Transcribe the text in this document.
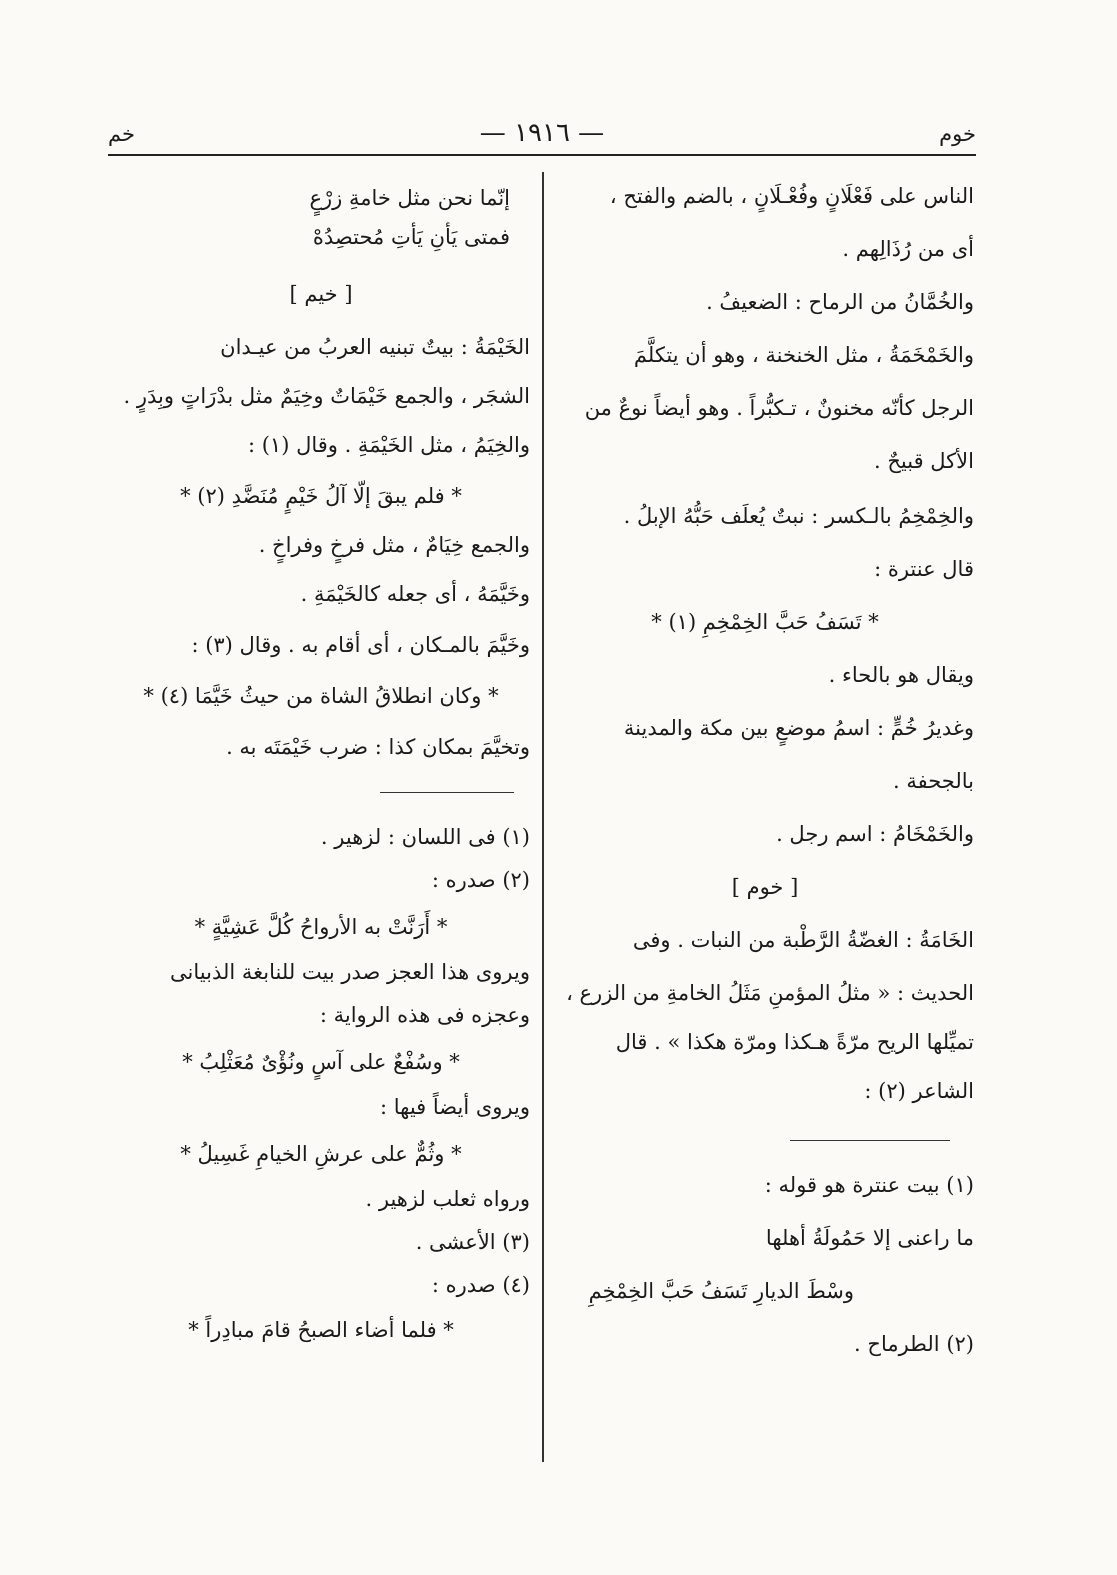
خوم
— ١٩١٦ —
خم
الناس على فَعْلَانٍ وفُعْـلَانٍ ، بالضم والفتح ،
أى من رُذَالِهم .
والخُمَّانُ من الرماح : الضعيفُ .
والخَمْخَمَةُ ، مثل الخنخنة ، وهو أن يتكلَّمَ
الرجل كأنّه مخنونٌ ، تـكبُّراً . وهو أيضاً نوعٌ من
الأكل قبيحٌ .
والخِمْخِمُ بالـكسر : نبتٌ يُعلَف حَبُّهُ الإبلُ .
قال عنترة :
* تَسَفُ حَبَّ الخِمْخِمِ (١) *
ويقال هو بالحاء .
وغديرُ خُمٍّ : اسمُ موضعٍ بين مكة والمدينة
بالجحفة .
والخَمْخَامُ : اسم رجل .
[ خوم ]
الخَامَةُ : الغضّةُ الرَّطْبة من النبات . وفى
الحديث : « مثلُ المؤمنِ مَثَلُ الخامةِ من الزرع ،
تميِّلها الريح مرّةً هـكذا ومرّة هكذا » . قال
الشاعر (٢) :
(١) بيت عنترة هو قوله :
ما راعنى إلا حَمُولَةُ أهلها
وسْطَ الديارِ تَسَفُ حَبَّ الخِمْخِمِ
(٢) الطرماح .
إنّما نحن مثل خامةِ زرْعٍ
فمتى يَأنِ يَأتِ مُحتصِدُهْ
[ خيم ]
الخَيْمَةُ : بيتٌ تبنيه العربُ من عيـدان
الشجَر ، والجمع خَيْمَاتٌ وخِيَمٌ مثل بدْرَاتٍ وبِدَرٍ .
والخِيَمُ ، مثل الخَيْمَةِ . وقال (١) :
* فلم يبقَ إلّا آلُ خَيْمٍ مُنَضَّدِ (٢) *
والجمع خِيَامٌ ، مثل فرخٍ وفراخٍ .
وخَيَّمَهُ ، أى جعله كالخَيْمَةِ .
وخَيَّمَ بالمـكان ، أى أقام به . وقال (٣) :
* وكان انطلاقُ الشاة من حيثُ خَيَّمَا (٤) *
وتخيَّمَ بمكان كذا : ضرب خَيْمَتَه به .
(١) فى اللسان : لزهير .
(٢) صدره :
* أَرَنَّتْ به الأرواحُ كُلَّ عَشِيَّةٍ *
ويروى هذا العجز صدر بيت للنابغة الذبيانى
وعجزه فى هذه الرواية :
* وسُفْعٌ على آسٍ ونُؤْىٌ مُعَثْلِبُ *
ويروى أيضاً فيها :
* وثُمٌّ على عرشِ الخيامِ غَسِيلُ *
ورواه ثعلب لزهير .
(٣) الأعشى .
(٤) صدره :
* فلما أضاء الصبحُ قامَ مبادِراً *
